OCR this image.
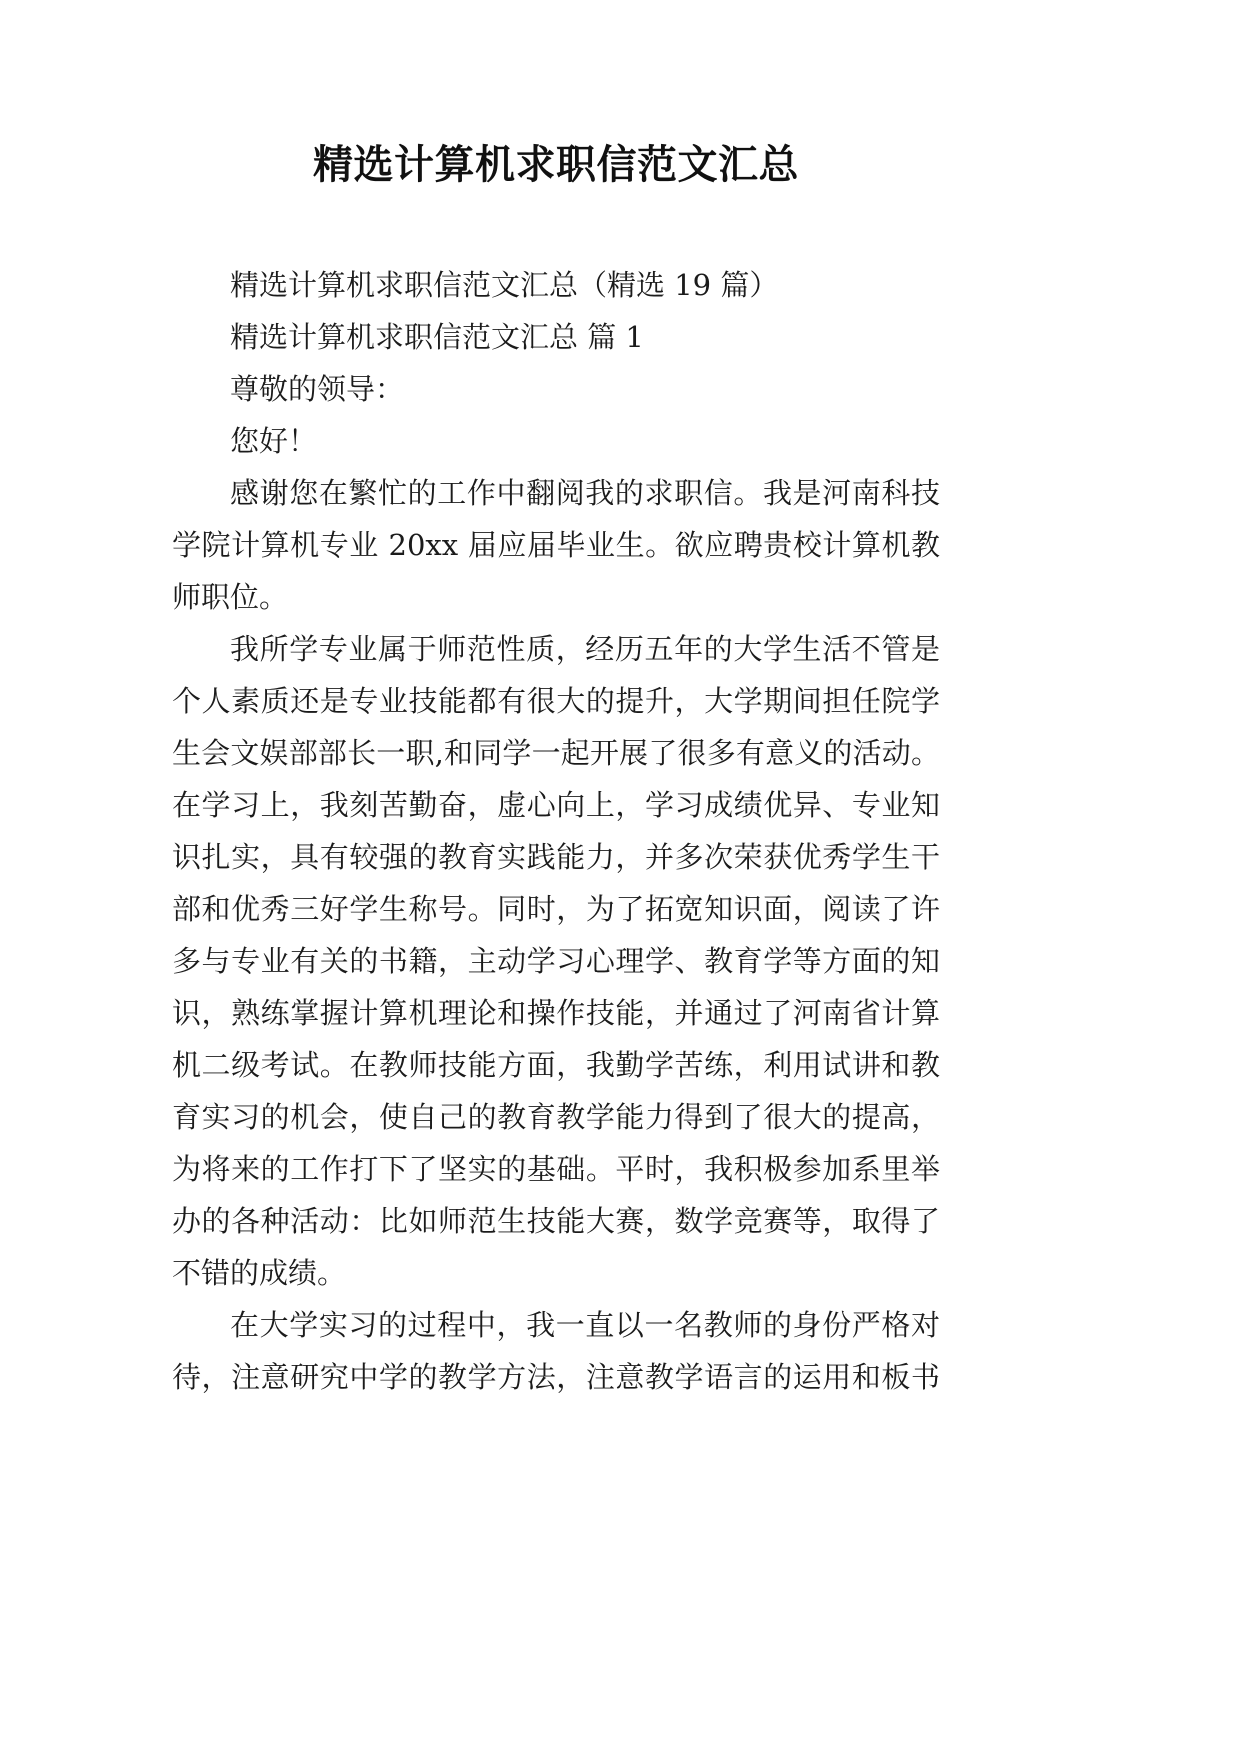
精选计算机求职信范文汇总
精选计算机求职信范文汇总（精选 19 篇）
精选计算机求职信范文汇总 篇 1
尊敬的领导：
您好！
感谢您在繁忙的工作中翻阅我的求职信。我是河南科技
学院计算机专业 20xx 届应届毕业生。欲应聘贵校计算机教
师职位。
我所学专业属于师范性质，经历五年的大学生活不管是
个人素质还是专业技能都有很大的提升，大学期间担任院学
生会文娱部部长一职,和同学一起开展了很多有意义的活动。
在学习上，我刻苦勤奋，虚心向上，学习成绩优异、专业知
识扎实，具有较强的教育实践能力，并多次荣获优秀学生干
部和优秀三好学生称号。同时，为了拓宽知识面，阅读了许
多与专业有关的书籍，主动学习心理学、教育学等方面的知
识，熟练掌握计算机理论和操作技能，并通过了河南省计算
机二级考试。在教师技能方面，我勤学苦练，利用试讲和教
育实习的机会，使自己的教育教学能力得到了很大的提高，
为将来的工作打下了坚实的基础。平时，我积极参加系里举
办的各种活动：比如师范生技能大赛，数学竞赛等，取得了
不错的成绩。
在大学实习的过程中，我一直以一名教师的身份严格对
待，注意研究中学的教学方法，注意教学语言的运用和板书
